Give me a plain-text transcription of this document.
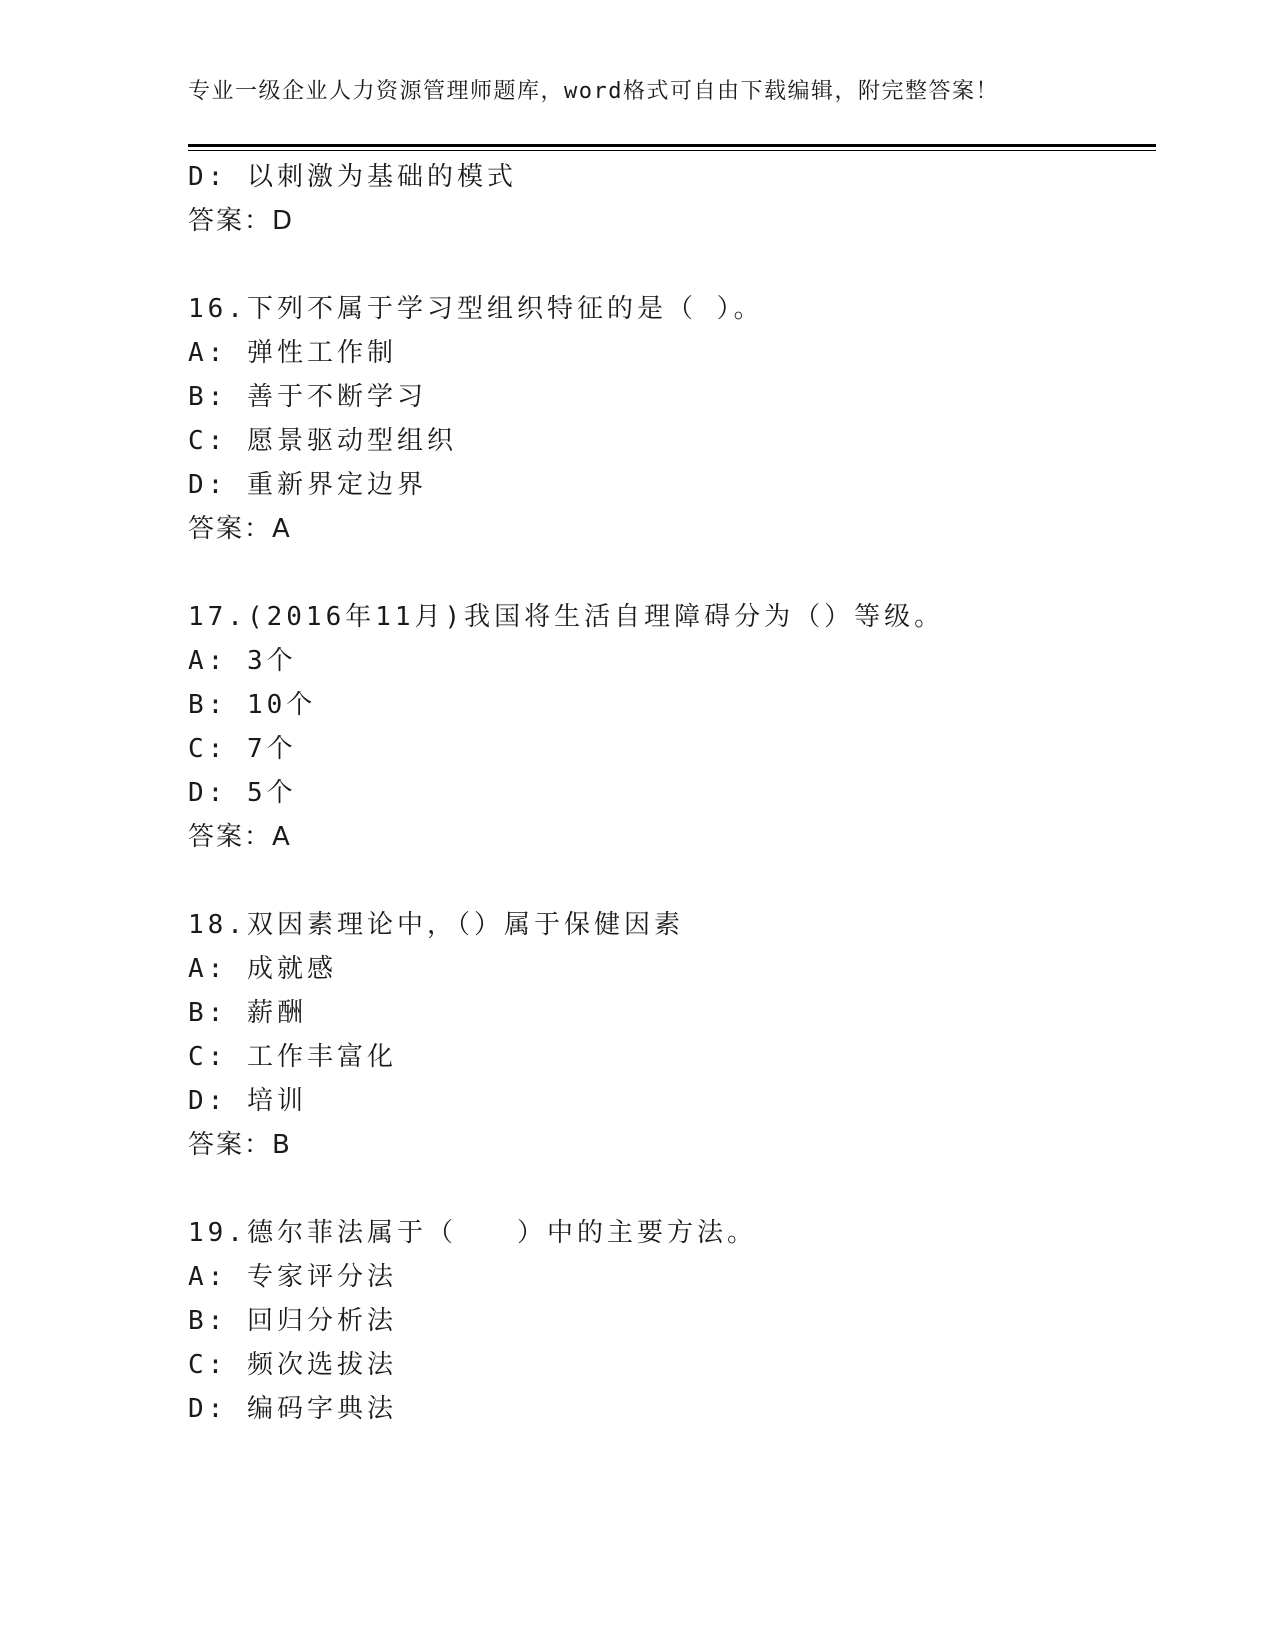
专业一级企业人力资源管理师题库，word格式可自由下载编辑，附完整答案！
D: 以刺激为基础的模式
答案：D
16.下列不属于学习型组织特征的是（ ）。
A: 弹性工作制
B: 善于不断学习
C: 愿景驱动型组织
D: 重新界定边界
答案：A
17.(2016年11月)我国将生活自理障碍分为（）等级。
A: 3个
B: 10个
C: 7个
D: 5个
答案：A
18.双因素理论中，（）属于保健因素
A: 成就感
B: 薪酬
C: 工作丰富化
D: 培训
答案：B
19.德尔菲法属于（　　）中的主要方法。
A: 专家评分法
B: 回归分析法
C: 频次选拔法
D: 编码字典法
